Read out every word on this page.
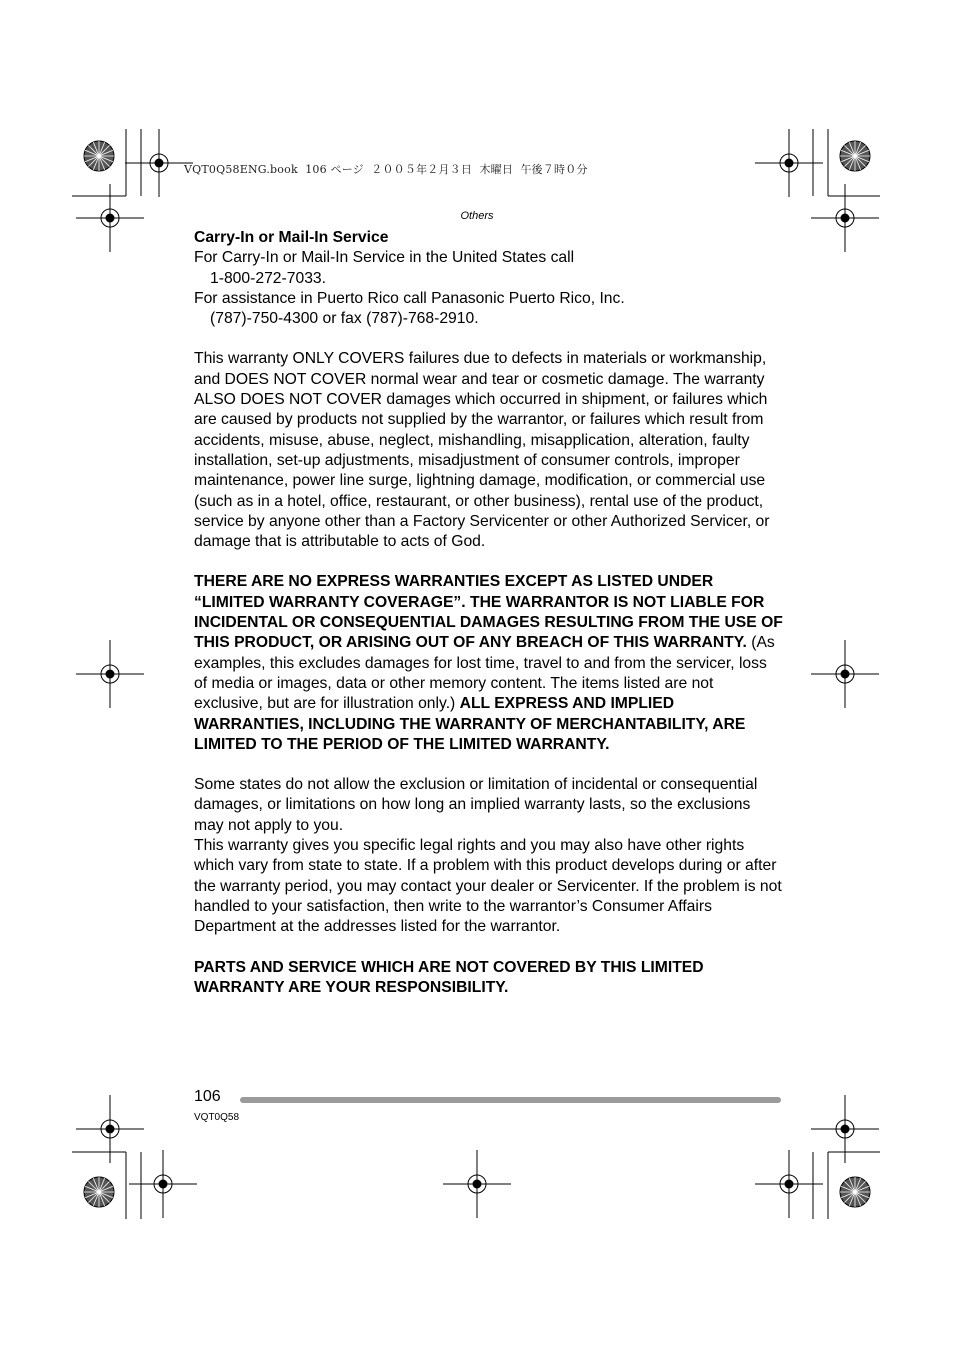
VQT0Q58ENG.book  106 ページ  ２００５年２月３日  木曜日  午後７時０分
Others

Carry-In or Mail-In Service

For Carry-In or Mail-In Service in the United States call

1-800-272-7033.

For assistance in Puerto Rico call Panasonic Puerto Rico, Inc.

(787)-750-4300 or fax (787)-768-2910.

This warranty ONLY COVERS failures due to defects in materials or workmanship, and DOES NOT COVER normal wear and tear or cosmetic damage. The warranty ALSO DOES NOT COVER damages which occurred in shipment, or failures which are caused by products not supplied by the warrantor, or failures which result from accidents, misuse, abuse, neglect, mishandling, misapplication, alteration, faulty installation, set-up adjustments, misadjustment of consumer controls, improper maintenance, power line surge, lightning damage, modification, or commercial use (such as in a hotel, office, restaurant, or other business), rental use of the product, service by anyone other than a Factory Servicenter or other Authorized Servicer, or damage that is attributable to acts of God.

THERE ARE NO EXPRESS WARRANTIES EXCEPT AS LISTED UNDER “LIMITED WARRANTY COVERAGE”. THE WARRANTOR IS NOT LIABLE FOR INCIDENTAL OR CONSEQUENTIAL DAMAGES RESULTING FROM THE USE OF THIS PRODUCT, OR ARISING OUT OF ANY BREACH OF THIS WARRANTY. (As examples, this excludes damages for lost time, travel to and from the servicer, loss of media or images, data or other memory content. The items listed are not exclusive, but are for illustration only.) ALL EXPRESS AND IMPLIED WARRANTIES, INCLUDING THE WARRANTY OF MERCHANTABILITY, ARE LIMITED TO THE PERIOD OF THE LIMITED WARRANTY.

Some states do not allow the exclusion or limitation of incidental or consequential damages, or limitations on how long an implied warranty lasts, so the exclusions may not apply to you.

This warranty gives you specific legal rights and you may also have other rights which vary from state to state. If a problem with this product develops during or after the warranty period, you may contact your dealer or Servicenter. If the problem is not handled to your satisfaction, then write to the warrantor’s Consumer Affairs Department at the addresses listed for the warrantor.

PARTS AND SERVICE WHICH ARE NOT COVERED BY THIS LIMITED WARRANTY ARE YOUR RESPONSIBILITY.

106
VQT0Q58
